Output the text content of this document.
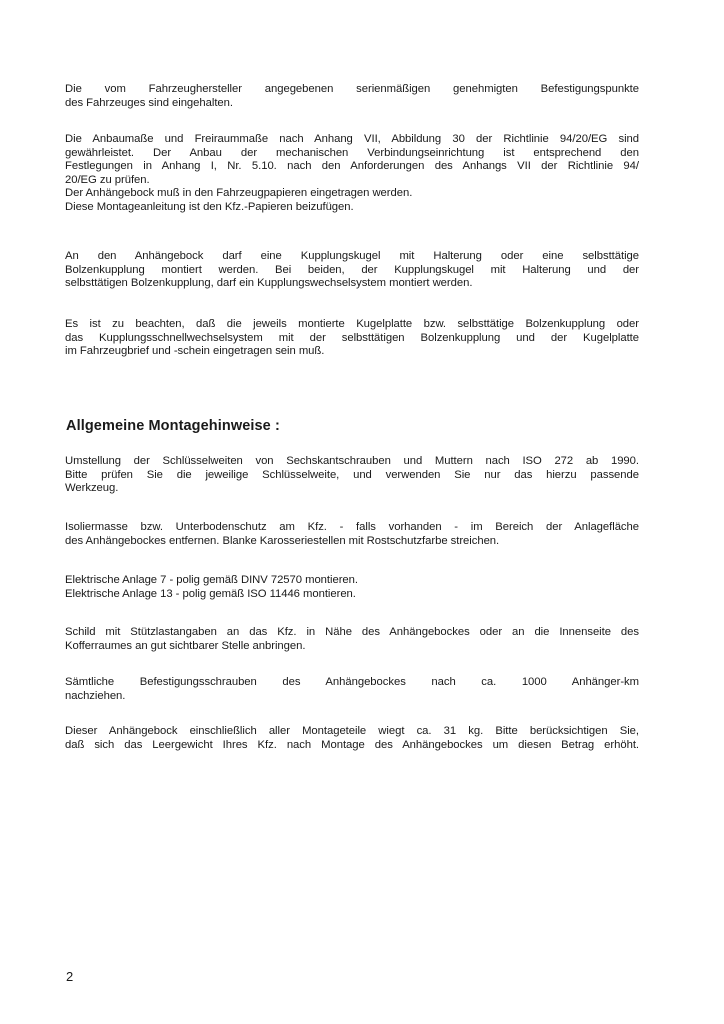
Die vom Fahrzeughersteller angegebenen serienmäßigen genehmigten Befestigungspunkte
des Fahrzeuges sind eingehalten.

Die Anbaumaße und Freiraummaße nach Anhang VII, Abbildung 30 der Richtlinie 94/20/EG sind
gewährleistet. Der Anbau der mechanischen Verbindungseinrichtung ist entsprechend den
Festlegungen in Anhang I, Nr. 5.10. nach den Anforderungen des Anhangs VII der Richtlinie 94/
20/EG zu prüfen.
Der Anhängebock muß in den Fahrzeugpapieren eingetragen werden.
Diese Montageanleitung ist den Kfz.-Papieren beizufügen.

An den Anhängebock darf eine Kupplungskugel mit Halterung oder eine selbsttätige
Bolzenkupplung montiert werden. Bei beiden, der Kupplungskugel mit Halterung und der
selbsttätigen Bolzenkupplung, darf ein Kupplungswechselsystem montiert werden.

Es ist zu beachten, daß die jeweils montierte Kugelplatte bzw. selbsttätige Bolzenkupplung oder
das Kupplungsschnellwechselsystem mit der selbsttätigen Bolzenkupplung und der Kugelplatte
im Fahrzeugbrief und -schein eingetragen sein muß.

Allgemeine Montagehinweise :

Umstellung der Schlüsselweiten von Sechskantschrauben und Muttern nach ISO 272 ab 1990.
Bitte prüfen Sie die jeweilige Schlüsselweite, und verwenden Sie nur das hierzu passende
Werkzeug.

Isoliermasse bzw. Unterbodenschutz am Kfz. - falls vorhanden - im Bereich der Anlagefläche
des Anhängebockes entfernen. Blanke Karosseriestellen mit Rostschutzfarbe streichen.

Elektrische Anlage 7 - polig gemäß DINV 72570 montieren.
Elektrische Anlage 13 - polig gemäß ISO 11446 montieren.

Schild mit Stützlastangaben an das Kfz. in Nähe des Anhängebockes oder an die Innenseite des
Kofferraumes an gut sichtbarer Stelle anbringen.

Sämtliche Befestigungsschrauben des Anhängebockes nach ca. 1000 Anhänger-km
nachziehen.

Dieser Anhängebock einschließlich aller Montageteile wiegt ca. 31 kg. Bitte berücksichtigen Sie,
daß sich das Leergewicht Ihres Kfz. nach Montage des Anhängebockes um diesen Betrag erhöht.

2
